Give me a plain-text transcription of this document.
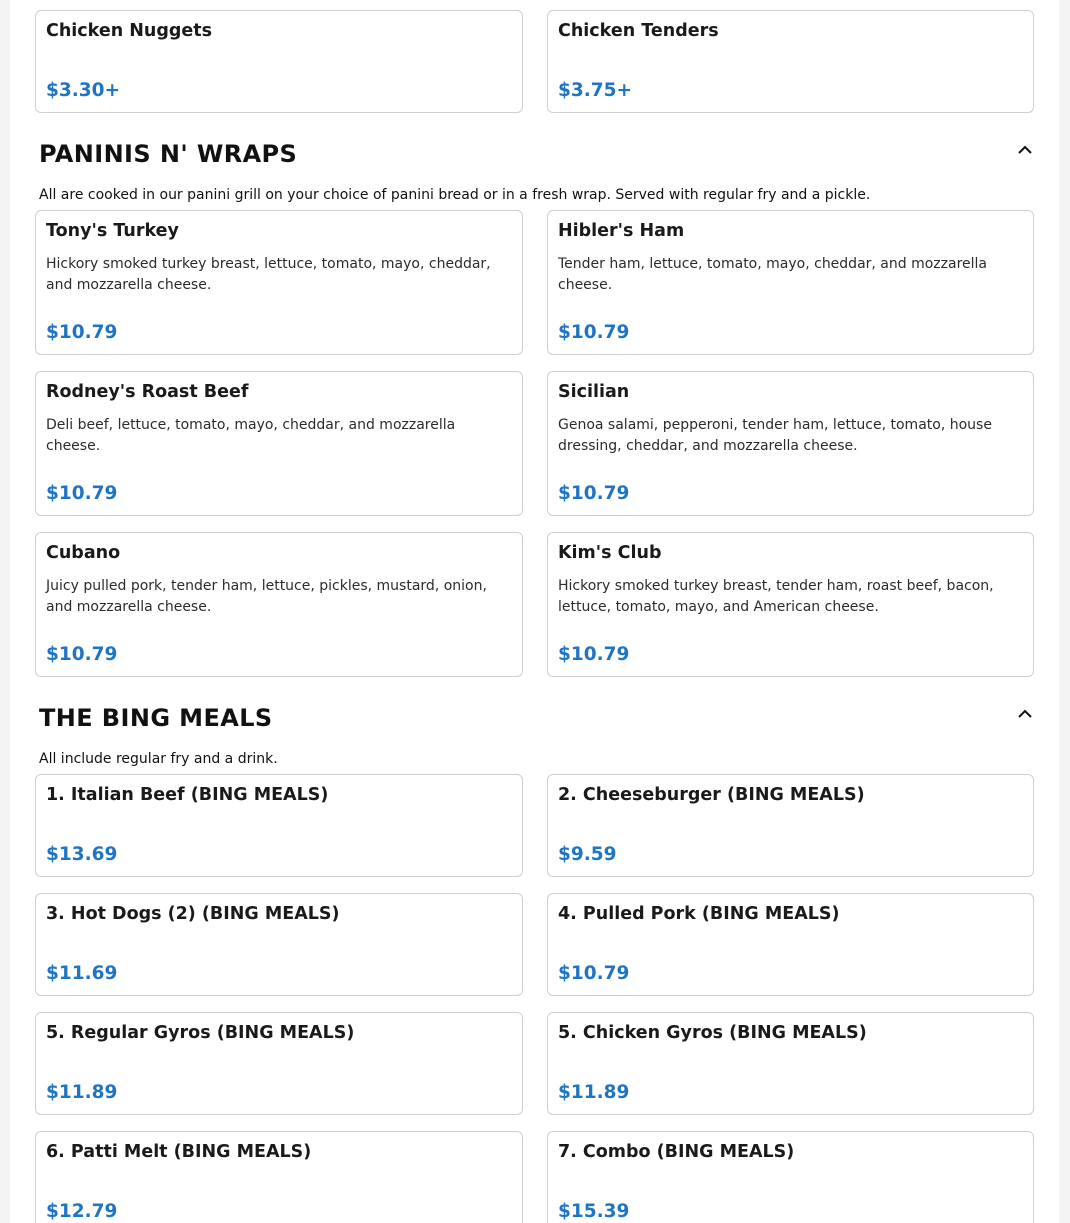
Chicken Nuggets
$3.30+
Chicken Tenders
$3.75+
PANINIS N' WRAPS
All are cooked in our panini grill on your choice of panini bread or in a fresh wrap. Served with regular fry and a pickle.
Tony's Turkey
Hickory smoked turkey breast, lettuce, tomato, mayo, cheddar, and mozzarella cheese.
$10.79
Hibler's Ham
Tender ham, lettuce, tomato, mayo, cheddar, and mozzarella cheese.
$10.79
Rodney's Roast Beef
Deli beef, lettuce, tomato, mayo, cheddar, and mozzarella cheese.
$10.79
Sicilian
Genoa salami, pepperoni, tender ham, lettuce, tomato, house dressing, cheddar, and mozzarella cheese.
$10.79
Cubano
Juicy pulled pork, tender ham, lettuce, pickles, mustard, onion, and mozzarella cheese.
$10.79
Kim's Club
Hickory smoked turkey breast, tender ham, roast beef, bacon, lettuce, tomato, mayo, and American cheese.
$10.79
THE BING MEALS
All include regular fry and a drink.
1. Italian Beef (BING MEALS)
$13.69
2. Cheeseburger (BING MEALS)
$9.59
3. Hot Dogs (2) (BING MEALS)
$11.69
4. Pulled Pork (BING MEALS)
$10.79
5. Regular Gyros (BING MEALS)
$11.89
5. Chicken Gyros (BING MEALS)
$11.89
6. Patti Melt (BING MEALS)
$12.79
7. Combo (BING MEALS)
$15.39
